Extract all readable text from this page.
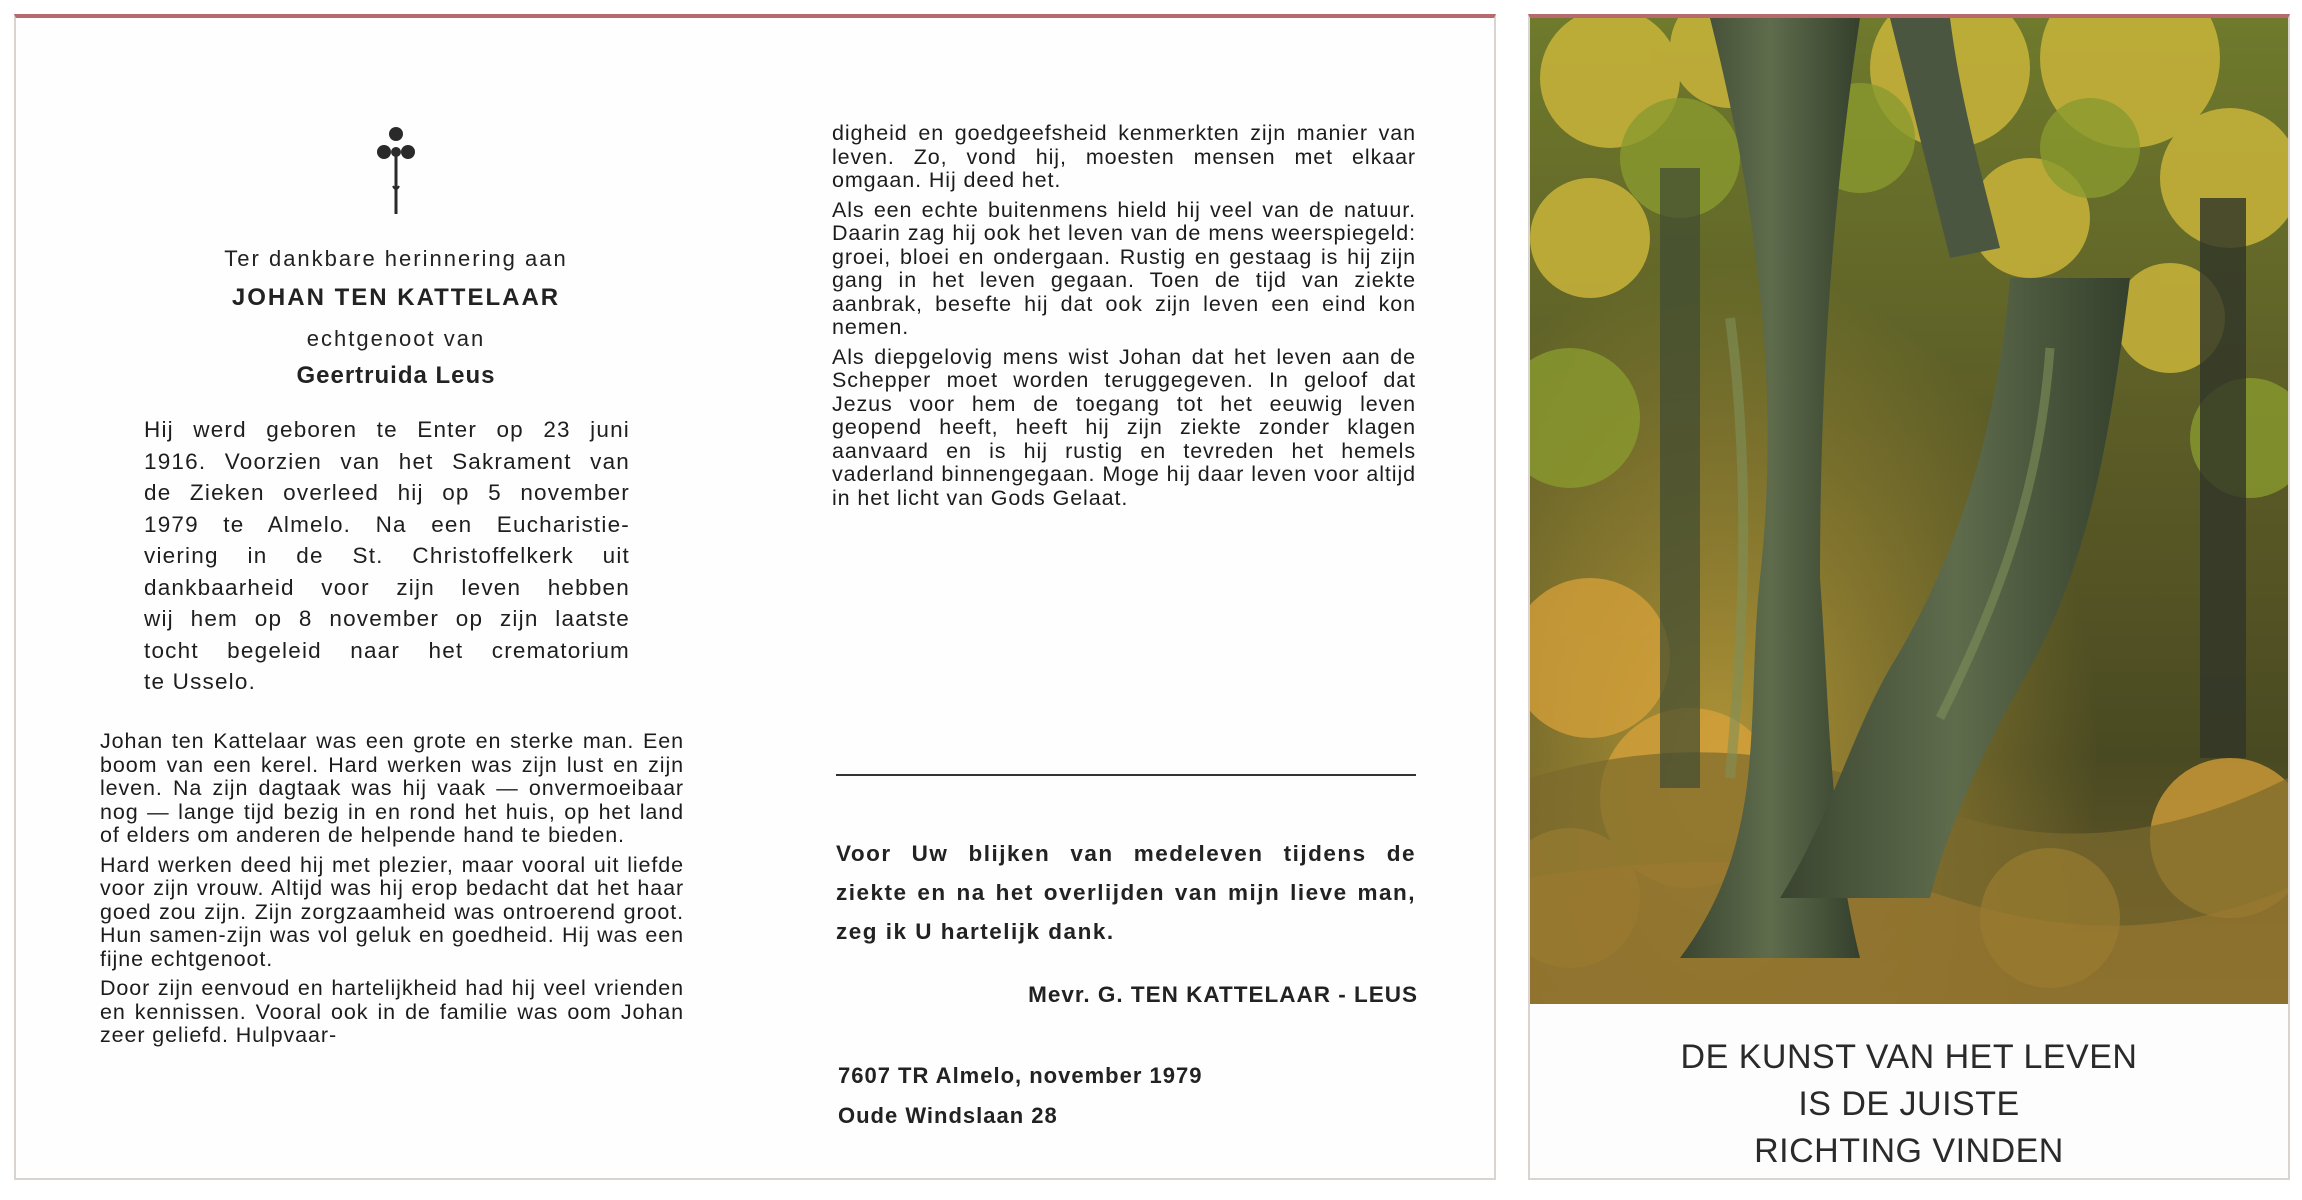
Ter dankbare herinnering aan
JOHAN TEN KATTELAAR
echtgenoot van
Geertruida Leus
Hij werd geboren te Enter op 23 juni
1916. Voorzien van het Sakrament van
de Zieken overleed hij op 5 november
1979 te Almelo. Na een Eucharistie-
viering in de St. Christoffelkerk uit
dankbaarheid voor zijn leven hebben
wij hem op 8 november op zijn laatste
tocht begeleid naar het crematorium
te Usselo.

Johan ten Kattelaar was een grote en sterke man. Een boom van een kerel. Hard werken was zijn lust en zijn leven. Na zijn dagtaak was hij vaak — onvermoeibaar nog — lange tijd bezig in en rond het huis, op het land of elders om anderen de helpende hand te bieden.

Hard werken deed hij met plezier, maar vooral uit liefde voor zijn vrouw. Altijd was hij erop bedacht dat het haar goed zou zijn. Zijn zorgzaamheid was ontroerend groot. Hun samen-zijn was vol geluk en goedheid. Hij was een fijne echtgenoot.

Door zijn eenvoud en hartelijkheid had hij veel vrienden en kennissen. Vooral ook in de familie was oom Johan zeer geliefd. Hulpvaar-

digheid en goedgeefsheid kenmerkten zijn manier van leven. Zo, vond hij, moesten mensen met elkaar omgaan. Hij deed het.

Als een echte buitenmens hield hij veel van de natuur. Daarin zag hij ook het leven van de mens weerspiegeld: groei, bloei en ondergaan. Rustig en gestaag is hij zijn gang in het leven gegaan. Toen de tijd van ziekte aanbrak, besefte hij dat ook zijn leven een eind kon nemen.

Als diepgelovig mens wist Johan dat het leven aan de Schepper moet worden teruggegeven. In geloof dat Jezus voor hem de toegang tot het eeuwig leven geopend heeft, heeft hij zijn ziekte zonder klagen aanvaard en is hij rustig en tevreden het hemels vaderland binnengegaan. Moge hij daar leven voor altijd in het licht van Gods Gelaat.

Voor Uw blijken van medeleven tijdens de ziekte en na het overlijden van mijn lieve man, zeg ik U hartelijk dank.
Mevr. G. TEN KATTELAAR - LEUS
7607 TR Almelo, november 1979
Oude Windslaan 28
DE KUNST VAN HET LEVEN
IS DE JUISTE
RICHTING VINDEN
